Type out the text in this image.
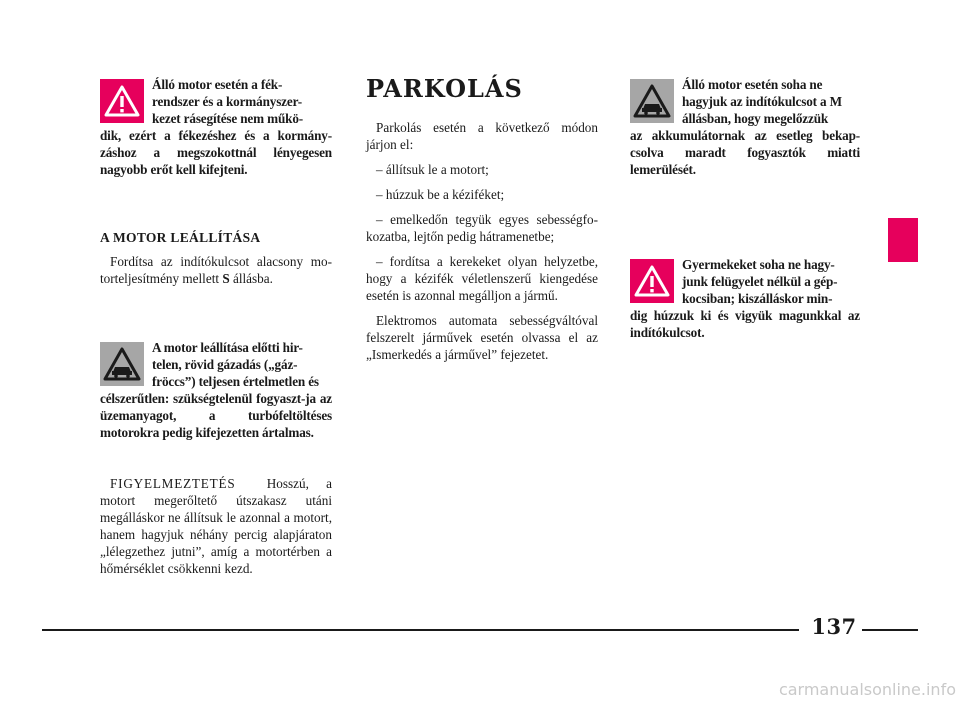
Álló motor esetén a fék-
rendszer és a kormányszer-
kezet rásegítése nem műkö-
dik, ezért a fékezéshez és a kormány-záshoz a megszokottnál lényegesen nagyobb erőt kell kifejteni.
A MOTOR LEÁLLÍTÁSA
Fordítsa az indítókulcsot alacsony mo-torteljesítmény mellett S állásba.
A motor leállítása előtti hir-
telen, rövid gázadás („gáz-
fröccs”) teljesen értelmetlen és
célszerűtlen: szükségtelenül fogyaszt-ja az üzemanyagot, a turbófeltöltéses motorokra pedig kifejezetten ártalmas.
FIGYELMEZTETÉS Hosszú, a motort megerőltető útszakasz utáni megálláskor ne állítsuk le azonnal a motort, hanem hagyjuk néhány percig alapjáraton „lélegzethez jutni”, amíg a motortérben a hőmérséklet csökkenni kezd.
PARKOLÁS
Parkolás esetén a következő módon járjon el:
– állítsuk le a motort;
– húzzuk be a kéziféket;
– emelkedőn tegyük egyes sebességfo-kozatba, lejtőn pedig hátramenetbe;
– fordítsa a kerekeket olyan helyzetbe, hogy a kézifék véletlenszerű kiengedése esetén is azonnal megálljon a jármű.
Elektromos automata sebességváltóval felszerelt járművek esetén olvassa el az „Ismerkedés a járművel” fejezetet.
Álló motor esetén soha ne
hagyjuk az indítókulcsot a M
állásban, hogy megelőzzük
az akkumulátornak az esetleg bekap-csolva maradt fogyasztók miatti lemerülését.
Gyermekeket soha ne hagy-
junk felügyelet nélkül a gép-
kocsiban; kiszálláskor min-
dig húzzuk ki és vigyük magunkkal az indítókulcsot.
137
carmanualsonline.info
